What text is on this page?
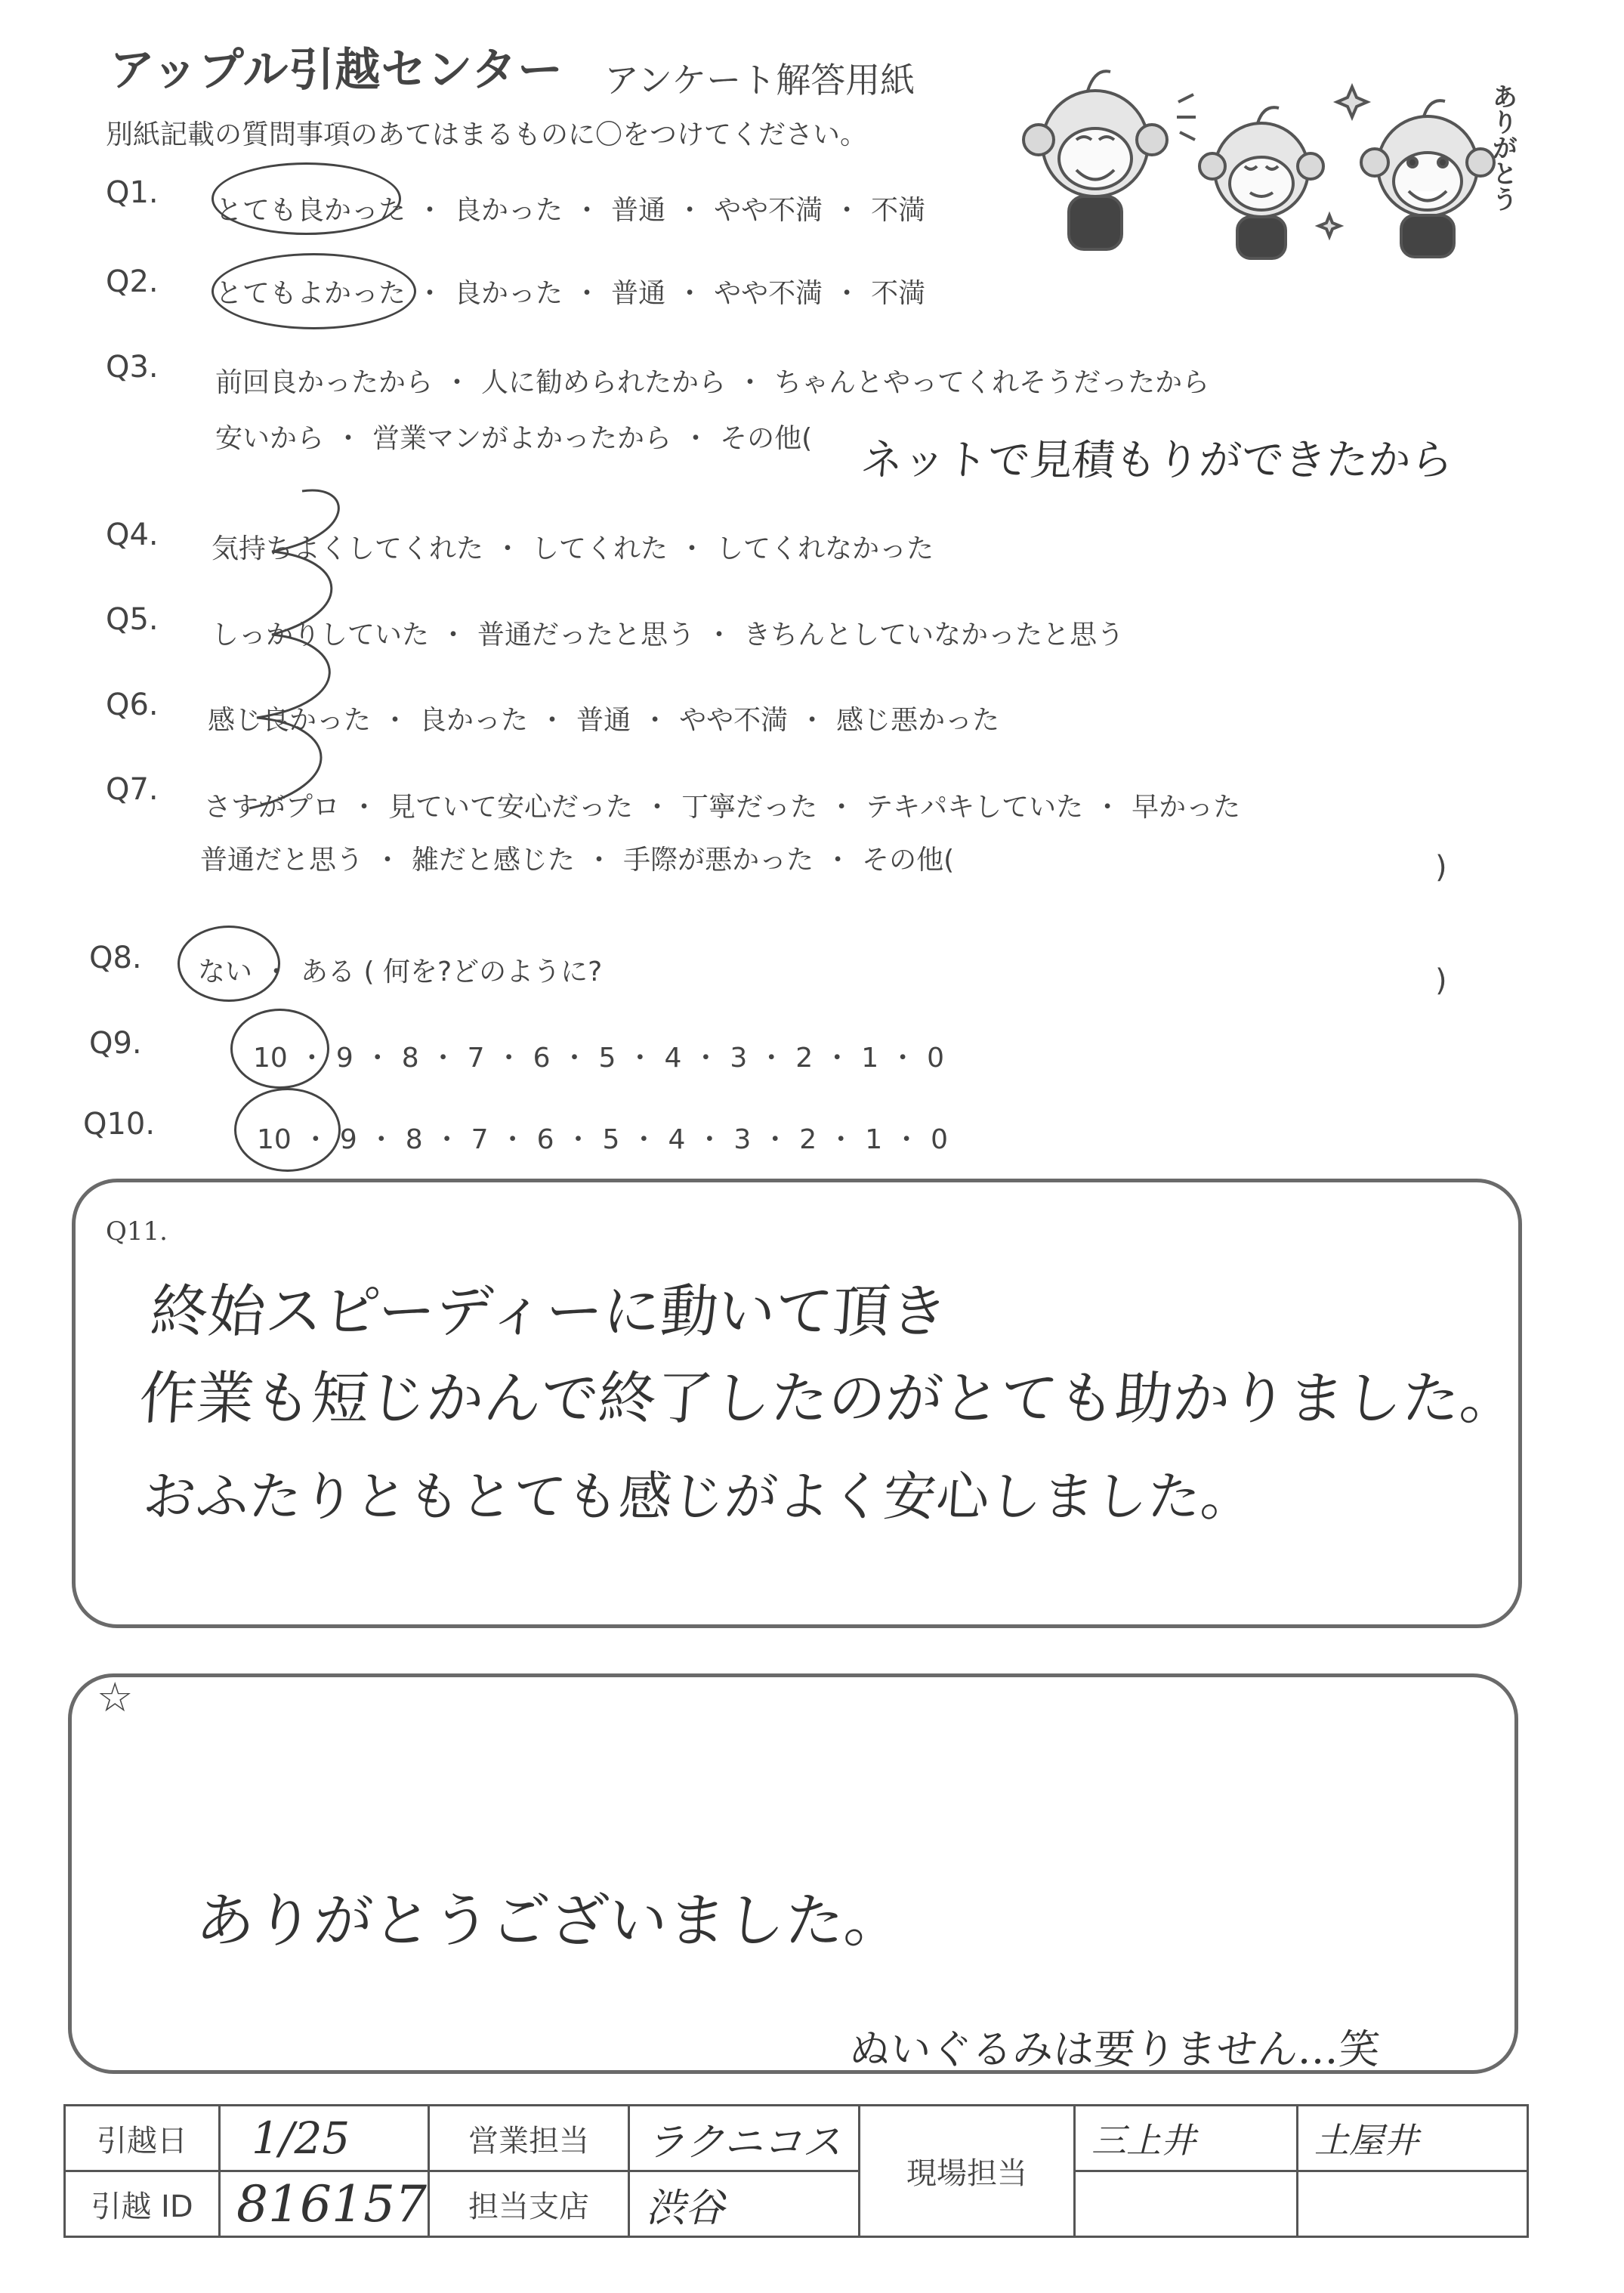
アップル引越センター アンケート解答用紙
別紙記載の質問事項のあてはまるものに〇をつけてください。	ありがとう
Q1.
とても良かった ・ 良かった ・ 普通 ・ やや不満 ・ 不満
Q2. とてもよかった ・ 良かった ・ 普通 ・ やや不満 ・ 不満
Q3. 前回良かったから ・ 人に勧められたから ・ ちゃんとやってくれそうだったから
安いから ・ 営業マンがよかったから ・ その他( ネットで見積もりができたから
Q4. 気持ちよくしてくれた ・ してくれた ・ してくれなかった
Q5. しっかりしていた ・ 普通だったと思う ・ きちんとしていなかったと思う
Q6. 感じ良かった ・ 良かった ・ 普通 ・ やや不満 ・ 感じ悪かった
Q7.
さすがプロ ・ 見ていて安心だった ・ 丁寧だった ・ テキパキしていた ・ 早かった
普通だと思う ・ 雑だと感じた ・ 手際が悪かった ・ その他(	)
Q8. ない ・ ある ( 何を?どのように?	)
Q9.	10 ・ 9 ・ 8 ・ 7 ・ 6 ・ 5 ・ 4 ・ 3 ・ 2 ・ 1 ・ 0
Q10.	10 ・ 9 ・ 8 ・ 7 ・ 6 ・ 5 ・ 4 ・ 3 ・ 2 ・ 1 ・ 0
Q11.
終始スピーディーに動いて頂き
作業も短じかんで終了したのがとても助かりました。
おふたりともとても感じがよく安心しました。
☆
ありがとうございました。
ぬいぐるみは要りません…笑
引越日	1/25	営業担当	ラクニコス	現場担当	三上井	土屋井
引越 ID	816157	担当支店	渋谷			
